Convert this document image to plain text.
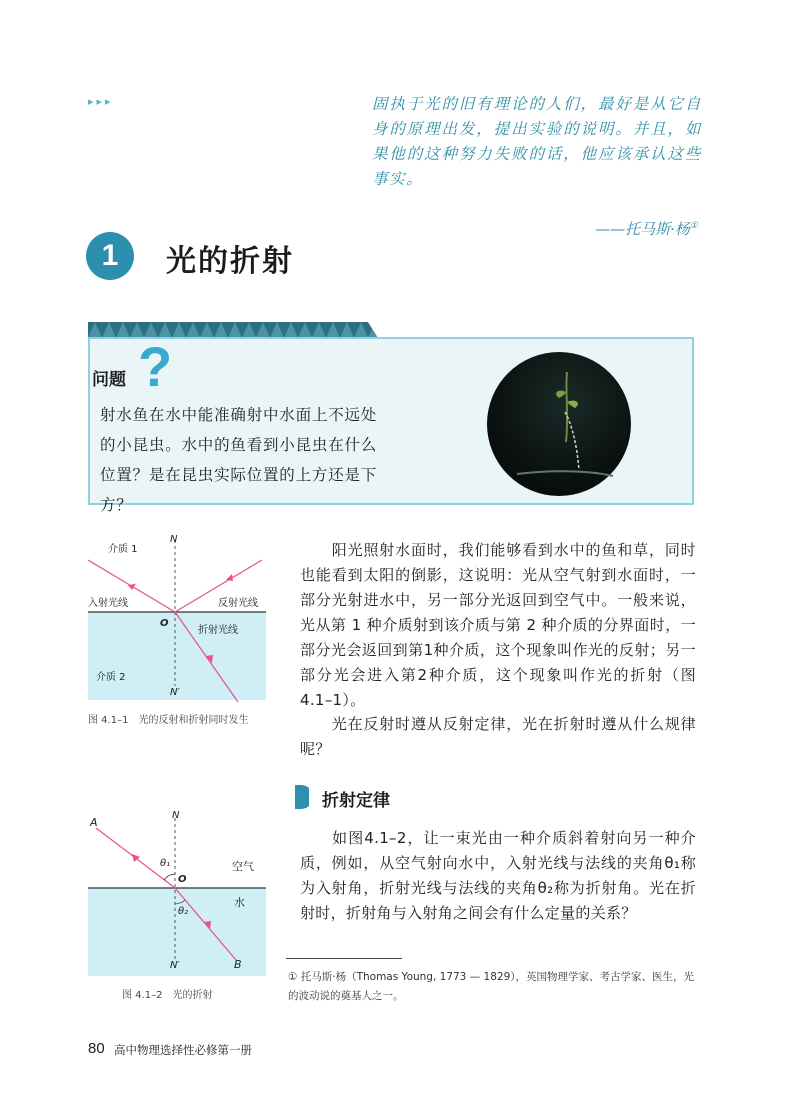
▸▸▸	固执于光的旧有理论的人们，最好是从它自身的原理出发，提出实验的说明。并且，如果他的这种努力失败的话，他应该承认这些事实。
——托马斯·杨①
1	光的折射
问题 ?
射水鱼在水中能准确射中水面上不远处的小昆虫。水中的鱼看到小昆虫在什么位置？是在昆虫实际位置的上方还是下方？
介质 1
N
入射光线	反射光线
O
折射光线
介质 2
N′
图 4.1–1　光的反射和折射同时发生
A
N
θ₁
O
空气
θ₂
水
N′	B
图 4.1–2　光的折射
　　阳光照射水面时，我们能够看到水中的鱼和草，同时也能看到太阳的倒影，这说明：光从空气射到水面时，一部分光射进水中，另一部分光返回到空气中。一般来说，光从第 1 种介质射到该介质与第 2 种介质的分界面时，一部分光会返回到第1种介质，这个现象叫作光的反射；另一部分光会进入第2种介质，这个现象叫作光的折射（图 4.1–1）。
　　光在反射时遵从反射定律，光在折射时遵从什么规律呢？
折射定律
　　如图4.1–2，让一束光由一种介质斜着射向另一种介质，例如，从空气射向水中，入射光线与法线的夹角θ₁称为入射角，折射光线与法线的夹角θ₂称为折射角。光在折射时，折射角与入射角之间会有什么定量的关系？
① 托马斯·杨（Thomas Young, 1773 — 1829），英国物理学家、考古学家、医生，光的波动说的奠基人之一。
80 高中物理选择性必修第一册
